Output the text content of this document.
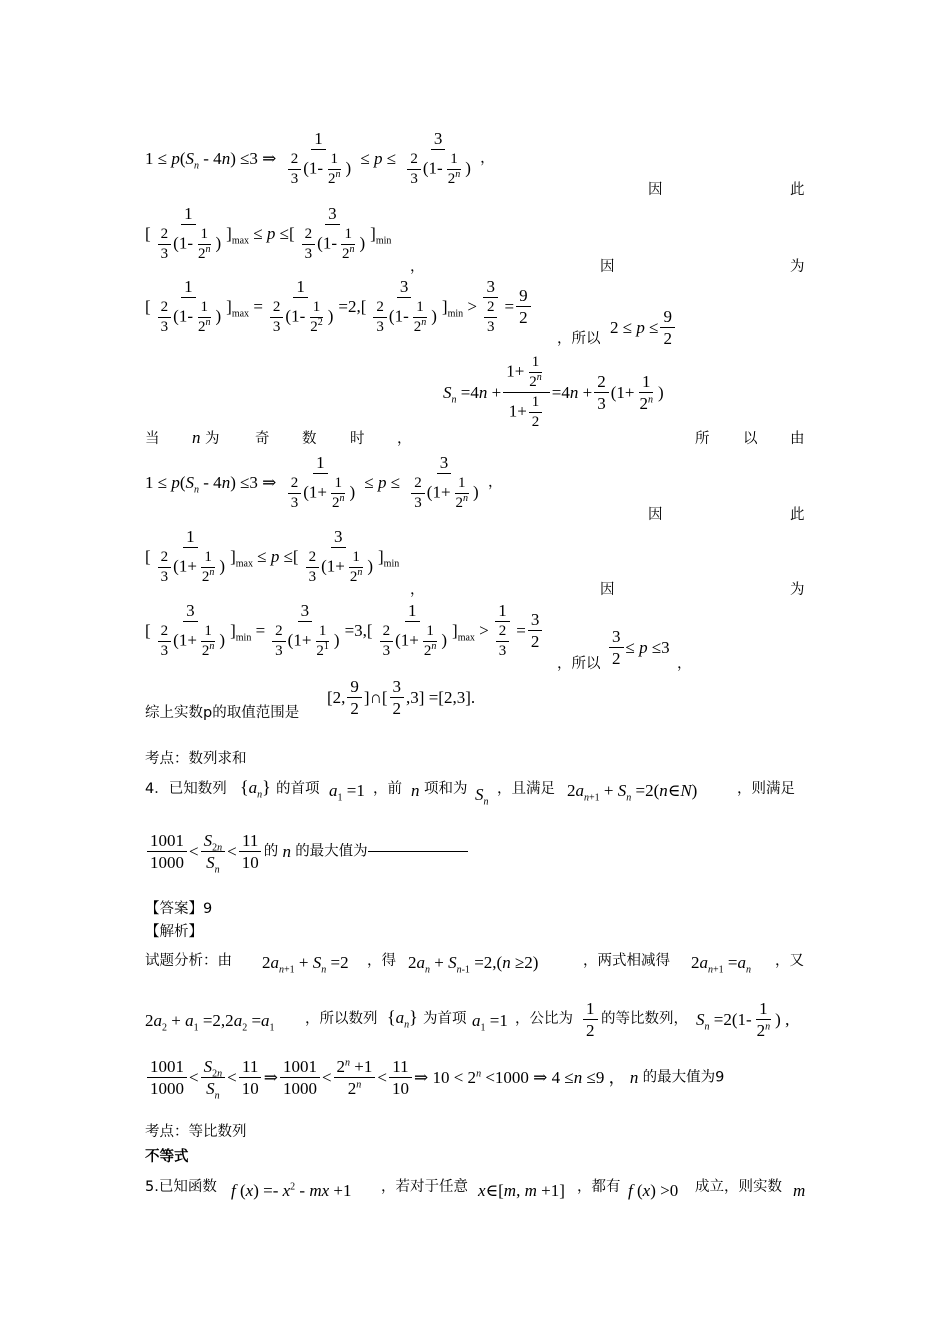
$1 \le p(S_n - 4n) \le 3$ ⇒ $\frac{1}{\frac{2}{3} (1- \frac{1}{2^n} )} \le p \le \frac{3}{\frac{2}{3} (1- \frac{1}{2^n} )}$ ，
因	此
[ $\frac{1}{\frac{2}{3} (1- \frac{1}{2^n} )} ]_{max} \le p$ ≤[ $\frac{3}{\frac{2}{3} (1- \frac{1}{2^n} )} ]_{min}$
，	因	为
[ $\frac{1}{\frac{2}{3} (1- \frac{1}{2^n} )} ]_{max} = \frac{1}{\frac{2}{3} (1- \frac{1}{2^2} )} =2,[ \frac{3}{\frac{2}{3} (1- \frac{1}{2^n} )} ]_{min} > \frac{3}{\frac{2}{3}} = \frac{9}{2}$
，所以
$2 \le p \le \frac{9}{2}$
$S_n =4n + \frac{1+ \frac{1}{2^n}}{1+ \frac{1}{2}} =4n + \frac{2}{3} (1+ \frac{1}{2^n}$ )
当 n 为 奇 数 时 ，	所 以 由
$1 \le p(S_n - 4n) \le 3$ ⇒ $\frac{1}{\frac{2}{3} (1+ \frac{1}{2^n} )} \le p \le \frac{3}{\frac{2}{3} (1+ \frac{1}{2^n} )}$ ，
因	此
[ $\frac{1}{\frac{2}{3} (1+ \frac{1}{2^n} )} ]_{max} \le p$ ≤[ $\frac{3}{\frac{2}{3} (1+ \frac{1}{2^n} )} ]_{min}$
，	因	为
[ $\frac{3}{\frac{2}{3} (1+ \frac{1}{2^n} )} ]_{min} = \frac{3}{\frac{2}{3} (1+ \frac{1}{2^1} )} =3,[ \frac{1}{\frac{2}{3} (1+ \frac{1}{2^n} )} ]_{max} > \frac{1}{\frac{2}{3}} = \frac{3}{2}$
，所以 $\frac{3}{2} \le p \le 3$
，
[2, $\frac{9}{2}$ ]∩[ $\frac{3}{2} ,3] =[2,3]$.
综上实数p的取值范围是
考点：数列求和
4．已知数列 $\{a_n\}$ 的首项 $a_1 =1$ ，前 n 项和为 $S_n$
，且满足 $2a_{n+1} + S_n$ =2(n∈N)	，则满足
$\frac{1001}{1000} < \frac{S_{2n}}{S_n} < \frac{11}{10}$ 的 n 的最大值为
【答案】9
【解析】
试题分析：由 $2a_{n+1} + S_n =2$ ，得 $2a_n + S_{n-1} =2,(n \ge 2)$	，两式相减得 $2a_{n+1} =a_n$
，又
$2a_2 + a_1 =2,2a_2 =a_1$
，所以数列 $\{a_n\}$ 为首项 $a_1 =1$ ，公比为 $\frac{1}{2}$ 的等比数列， $S_n =2(1- \frac{1}{2^n}$ ) ,
$\frac{1001}{1000} < \frac{S_{2n}}{S_n} < \frac{11}{10}$ ⇒ $\frac{1001}{1000} < \frac{2^n +1}{2^n} < \frac{11}{10}$ ⇒ $10 < 2^n <1000$ ⇒ 4 ≤n ≤9 ， n 的最大值为9
考点：等比数列
不等式
5.已知函数 f $(x) =- x^2$ - mx +1 ，若对于任意 x∈[m, m +1] ，都有 f (x) >0 成立，则实数 m
